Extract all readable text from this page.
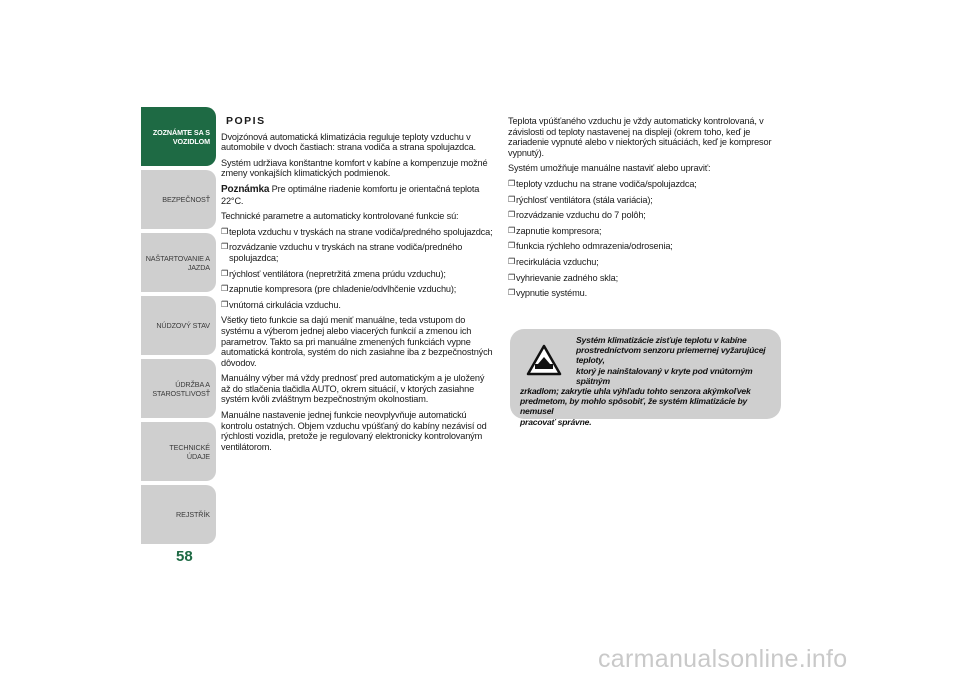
ZOZNÁMTE SA S VOZIDLOM
BEZPEČNOSŤ
NAŠTARTOVANIE A JAZDA
NÚDZOVÝ STAV
ÚDRŽBA A STAROSTLIVOSŤ
TECHNICKÉ ÚDAJE
REJSTŘÍK
58
POPIS

Dvojzónová automatická klimatizácia reguluje teploty vzduchu v automobile v dvoch častiach: strana vodiča a strana spolujazdca.

Systém udržiava konštantne komfort v kabíne a kompenzuje možné zmeny vonkajších klimatických podmienok.

Poznámka Pre optimálne riadenie komfortu je orientačná teplota 22°C.

Technické parametre a automaticky kontrolované funkcie sú:

❒ teplota vzduchu v tryskách na strane vodiča/predného spolujazdca;
❒ rozvádzanie vzduchu v tryskách na strane vodiča/predného spolujazdca;
❒ rýchlosť ventilátora (nepretržitá zmena prúdu vzduchu);
❒ zapnutie kompresora (pre chladenie/odvlhčenie vzduchu);
❒ vnútorná cirkulácia vzduchu.

Všetky tieto funkcie sa dajú meniť manuálne, teda vstupom do systému a výberom jednej alebo viacerých funkcií a zmenou ich parametrov. Takto sa pri manuálne zmenených funkciách vypne automatická kontrola, systém do nich zasiahne iba z bezpečnostných dôvodov.

Manuálny výber má vždy prednosť pred automatickým a je uložený až do stlačenia tlačidla AUTO, okrem situácií, v ktorých zasiahne systém kvôli zvláštnym bezpečnostným okolnostiam.

Manuálne nastavenie jednej funkcie neovplyvňuje automatickú kontrolu ostatných. Objem vzduchu vpúšťaný do kabíny nezávisí od rýchlosti vozidla, pretože je regulovaný elektronicky kontrolovaným ventilátorom.

Teplota vpúšťaného vzduchu je vždy automaticky kontrolovaná, v závislosti od teploty nastavenej na displeji (okrem toho, keď je zariadenie vypnuté alebo v niektorých situáciách, keď je kompresor vypnutý).

Systém umožňuje manuálne nastaviť alebo upraviť:

❒ teploty vzduchu na strane vodiča/spolujazdca;
❒ rýchlosť ventilátora (stála variácia);
❒ rozvádzanie vzduchu do 7 polôh;
❒ zapnutie kompresora;
❒ funkcia rýchleho odmrazenia/odrosenia;
❒ recirkulácia vzduchu;
❒ vyhrievanie zadného skla;
❒ vypnutie systému.
Systém klimatizácie zisťuje teplotu v kabíne
prostredníctvom senzoru priemernej vyžarujúcej teploty,
ktorý je nainštalovaný v kryte pod vnútorným spätným
zrkadlom; zakrytie uhla výhľadu tohto senzora akýmkoľvek
predmetom, by mohlo spôsobiť, že systém klimatizácie by nemusel
pracovať správne.
carmanualsonline.info
